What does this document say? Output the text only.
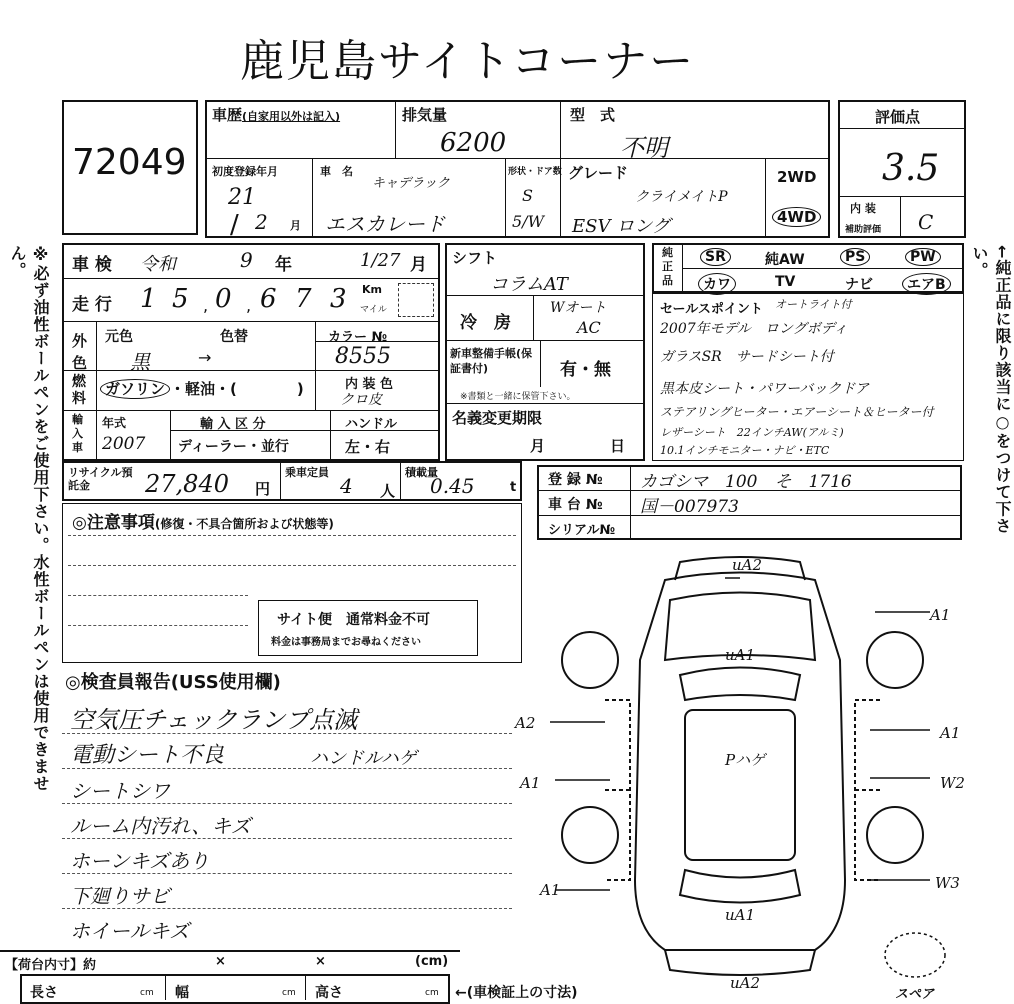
鹿児島サイトコーナー
72049
車歴(自家用以外は記入)	排気量
6200
型　式
不明
初度登録年月
21
/ 2 月
車　名
キャデラック
エスカレード
形状・ドア数
S
5/W
グレード
クライメイトP
ESV ロング
2WD
4WD
評価点
3.5
内 装
補助評価 C
※必ず油性ボールペンをご使用下さい。水性ボールペンは使用できません。	←純正品に限り該当に○をつけて下さい。
車 検 令和	9 年	1/27 月
走 行 1 5 , 0 , 6 7 3 Km
マイル
外色
元色	色替	カラー №
黒	→	8555
燃料
ガソリン ・軽油・(　　　　)	内 装 色
クロ皮
輸入車
年式
2007
輸 入 区 分
ディーラー・並行
ハンドル
左・右
リサイクル預託金	27,840 円
乗車定員
4 人
積載量
0.45	t
シフト
コラムAT
冷　房
Wオート
AC
新車整備手帳(保証書付)	有・無
※書類と一緒に保管下さい。
名義変更期限
月	日
純正品
SR	純AW	PS	PW
カワ	TV	ナビ	エアB
セールスポイント オートライト付
2007年モデル　ロングボディ
ガラスSR　サードシート付
黒本皮シート・パワーバックドア
ステアリングヒーター・エアーシート＆ヒーター付
レザーシート　22インチAW(アルミ)
10.1インチモニター・ナビ・ETC
登 録 № カゴシマ　100　そ　1716
車 台 № 国－007973
シリアル№
◎注意事項(修復・不具合箇所および状態等)
サイト便　通常料金不可
料金は事務局までお尋ねください
◎検査員報告(USS使用欄)
空気圧チェックランプ点滅
電動シート不良	ハンドルハゲ
シートシワ
ルーム内汚れ、キズ
ホーンキズあり
下廻りサビ
ホイールキズ
【荷台内寸】約	×	×	(cm)
長さ	cm 幅	cm 高さ	cm ←(車検証上の寸法)
uA2
uA1
A1
A2
A1
A1
W2
A1	W3
Pハゲ
uA1
uA2
スペア
